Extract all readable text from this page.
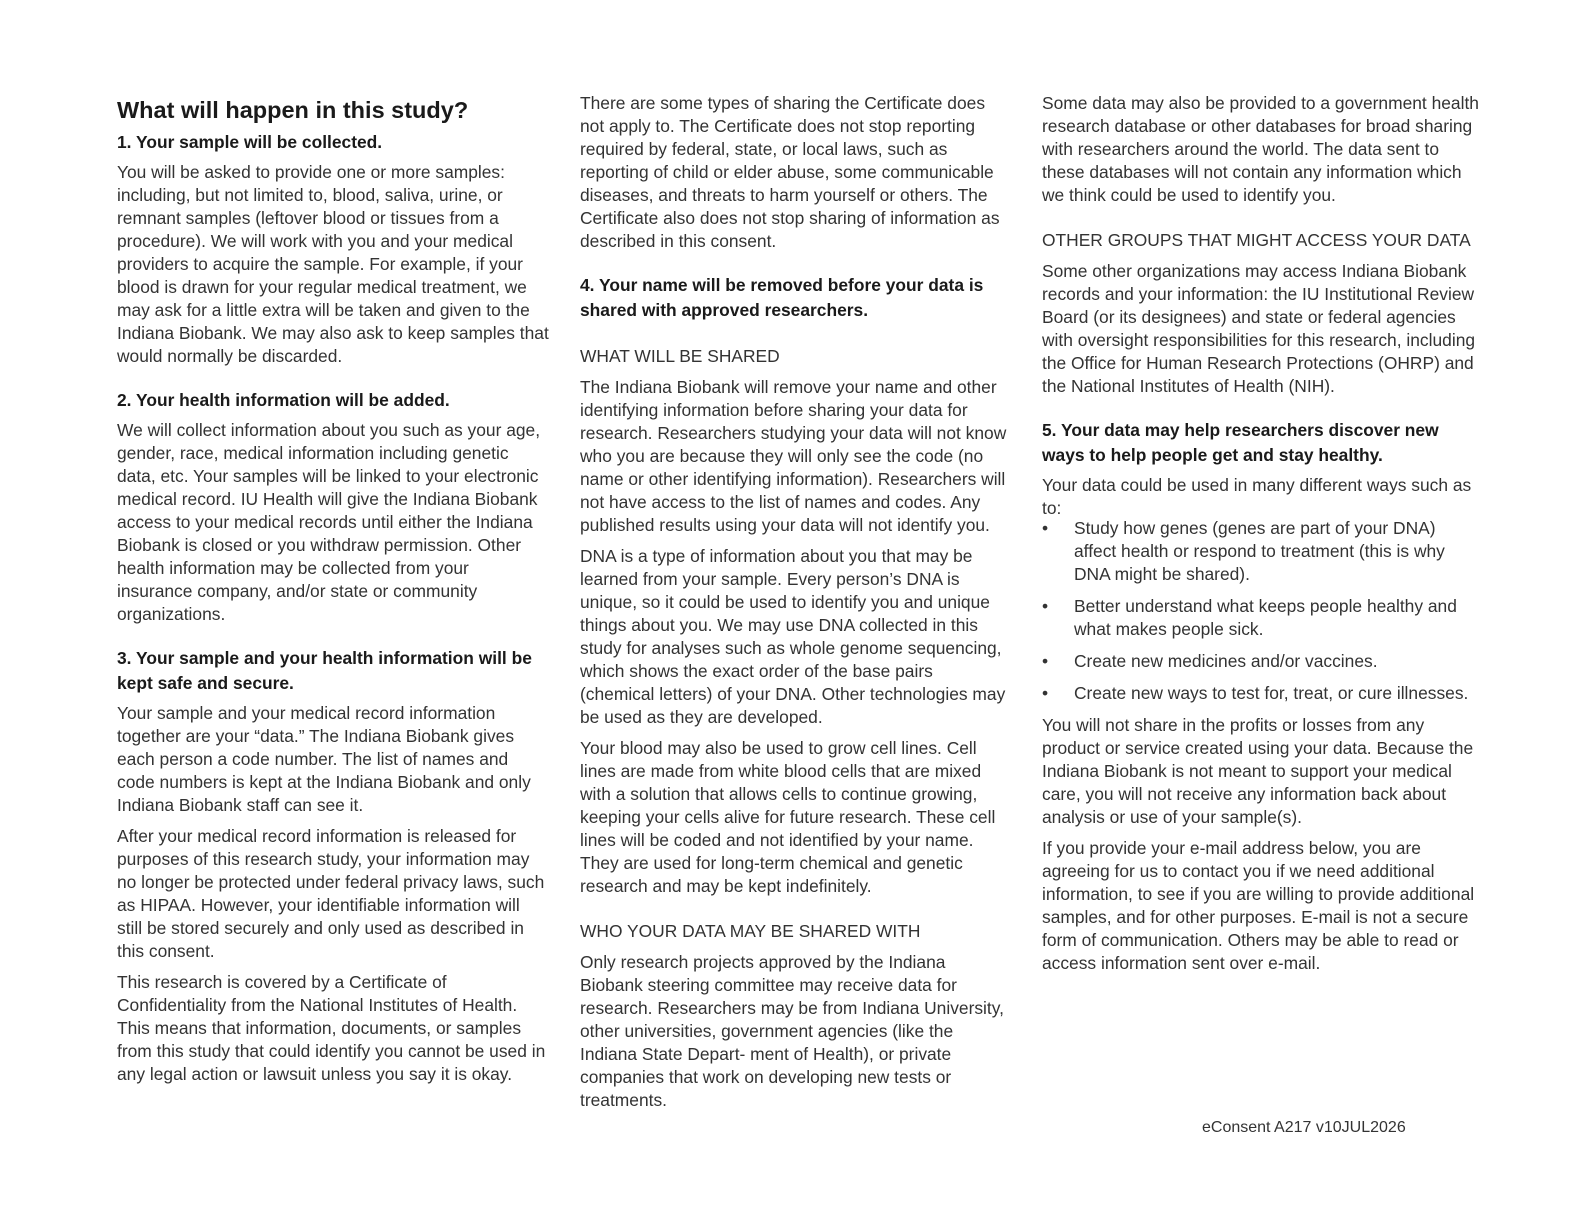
What will happen in this study?
1. Your sample will be collected.

You will be asked to provide one or more samples: including, but not limited to, blood, saliva, urine, or remnant samples (leftover blood or tissues from a procedure). We will work with you and your medical providers to acquire the sample. For example, if your blood is drawn for your regular medical treatment, we may ask for a little extra will be taken and given to the Indiana Biobank. We may also ask to keep samples that would normally be discarded.

2. Your health information will be added.

We will collect information about you such as your age, gender, race, medical information including genetic data, etc. Your samples will be linked to your electronic medical record. IU Health will give the Indiana Biobank access to your medical records until either the Indiana Biobank is closed or you withdraw permission. Other health information may be collected from your insurance company, and/or state or community organizations.

3. Your sample and your health information will be kept safe and secure.

Your sample and your medical record information together are your “data.” The Indiana Biobank gives each person a code number. The list of names and code numbers is kept at the Indiana Biobank and only Indiana Biobank staff can see it.

After your medical record information is released for purposes of this research study, your information may no longer be protected under federal privacy laws, such as HIPAA. However, your identifiable information will still be stored securely and only used as described in this consent.

This research is covered by a Certificate of Confidentiality from the National Institutes of Health. This means that information, documents, or samples from this study that could identify you cannot be used in any legal action or lawsuit unless you say it is okay.

There are some types of sharing the Certificate does not apply to. The Certificate does not stop reporting required by federal, state, or local laws, such as reporting of child or elder abuse, some communicable diseases, and threats to harm yourself or others. The Certificate also does not stop sharing of information as described in this consent.

4. Your name will be removed before your data is shared with approved researchers.
WHAT WILL BE SHARED

The Indiana Biobank will remove your name and other identifying information before sharing your data for research. Researchers studying your data will not know who you are because they will only see the code (no name or other identifying information). Researchers will not have access to the list of names and codes. Any published results using your data will not identify you.

DNA is a type of information about you that may be learned from your sample. Every person’s DNA is unique, so it could be used to identify you and unique things about you. We may use DNA collected in this study for analyses such as whole genome sequencing, which shows the exact order of the base pairs (chemical letters) of your DNA. Other technologies may be used as they are developed.

Your blood may also be used to grow cell lines. Cell lines are made from white blood cells that are mixed with a solution that allows cells to continue growing, keeping your cells alive for future research. These cell lines will be coded and not identified by your name. They are used for long-term chemical and genetic research and may be kept indefinitely.

WHO YOUR DATA MAY BE SHARED WITH

Only research projects approved by the Indiana Biobank steering committee may receive data for research. Researchers may be from Indiana University, other universities, government agencies (like the Indiana State Depart- ment of Health), or private companies that work on developing new tests or treatments.

Some data may also be provided to a government health research database or other databases for broad sharing with researchers around the world. The data sent to these databases will not contain any information which we think could be used to identify you.

OTHER GROUPS THAT MIGHT ACCESS YOUR DATA

Some other organizations may access Indiana Biobank records and your information: the IU Institutional Review Board (or its designees) and state or federal agencies with oversight responsibilities for this research, including the Office for Human Research Protections (OHRP) and the National Institutes of Health (NIH).

5. Your data may help researchers discover new ways to help people get and stay healthy.

Your data could be used in many different ways such as to:

• Study how genes (genes are part of your DNA) affect health or respond to treatment (this is why DNA might be shared).
• Better understand what keeps people healthy and what makes people sick.
• Create new medicines and/or vaccines.
• Create new ways to test for, treat, or cure illnesses.

You will not share in the profits or losses from any product or service created using your data. Because the Indiana Biobank is not meant to support your medical care, you will not receive any information back about analysis or use of your sample(s).

If you provide your e-mail address below, you are agreeing for us to contact you if we need additional information, to see if you are willing to provide additional samples, and for other purposes. E-mail is not a secure form of communication. Others may be able to read or access information sent over e-mail.

eConsent A217 v10JUL2026
